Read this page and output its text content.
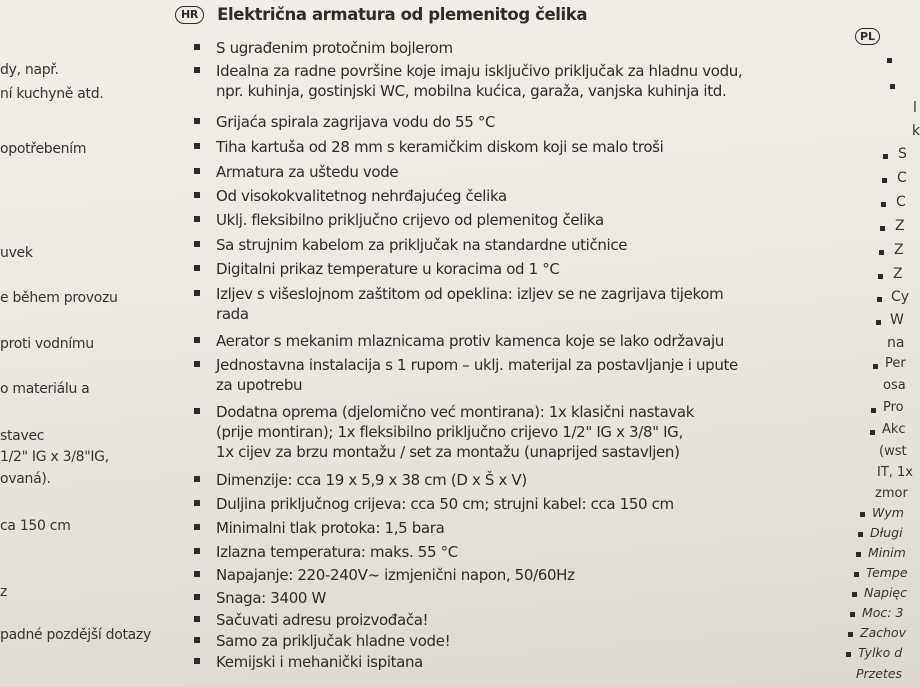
dy, např.
ní kuchyně atd.
opotřebením
uvek
e během provozu
proti vodnímu
o materiálu a
stavec
1/2" IG x 3/8"IG,
ovaná).
ca 150 cm
z
padné pozdější dotazy
HR Električna armatura od plemenitog čelika
S ugrađenim protočnim bojlerom
Idealna za radne površine koje imaju isključivo priključak za hladnu vodu,
npr. kuhinja, gostinjski WC, mobilna kućica, garaža, vanjska kuhinja itd.
Grijaća spirala zagrijava vodu do 55 °C
Tiha kartuša od 28 mm s keramičkim diskom koji se malo troši
Armatura za uštedu vode
Od visokokvalitetnog nehrđajućeg čelika
Uklj. fleksibilno priključno crijevo od plemenitog čelika
Sa strujnim kabelom za priključak na standardne utičnice
Digitalni prikaz temperature u koracima od 1 °C
Izljev s višeslojnom zaštitom od opeklina: izljev se ne zagrijava tijekom
rada
Aerator s mekanim mlaznicama protiv kamenca koje se lako održavaju
Jednostavna instalacija s 1 rupom – uklj. materijal za postavljanje i upute
za upotrebu
Dodatna oprema (djelomično već montirana): 1x klasični nastavak
(prije montiran); 1x fleksibilno priključno crijevo 1/2" IG x 3/8" IG,
1x cijev za brzu montažu / set za montažu (unaprijed sastavljen)
Dimenzije: cca 19 x 5,9 x 38 cm (D x Š x V)
Duljina priključnog crijeva: cca 50 cm; strujni kabel: cca 150 cm
Minimalni tlak protoka: 1,5 bara
Izlazna temperatura: maks. 55 °C
Napajanje: 220-240V~ izmjenični napon, 50/60Hz
Snaga: 3400 W
Sačuvati adresu proizvođača!
Samo za priključak hladne vode!
Kemijski i mehanički ispitana
PL
l
k
S
C
C
Z
Z
Z
Cy
W
na
Per
osa
Pro
Akc
(wst
IT, 1x
zmor
Wym
Długi
Minim
Tempe
Napięc
Moc: 3
Zachov
Tylko d
Przetes
